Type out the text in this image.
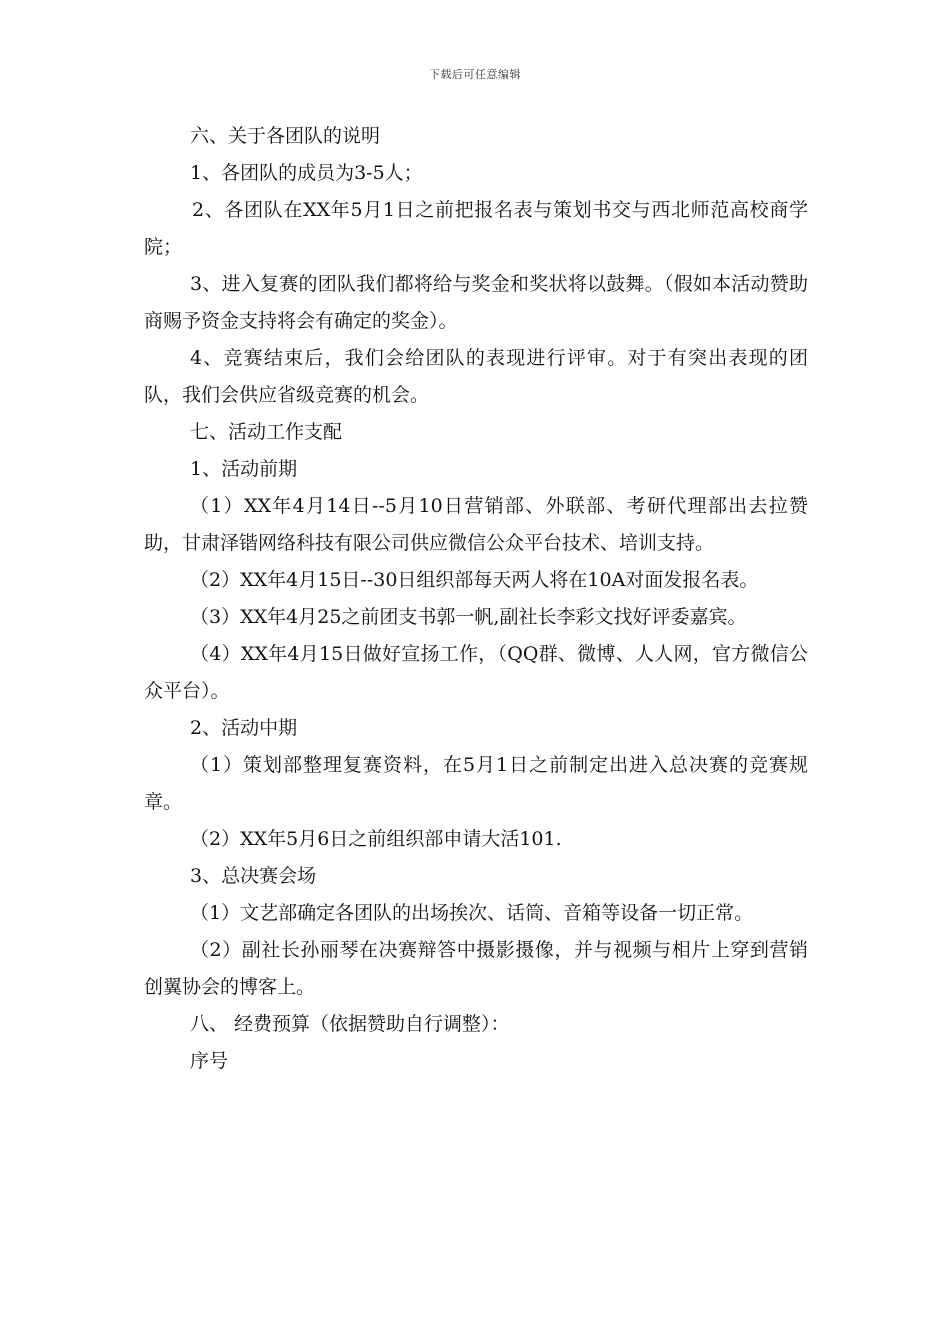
下载后可任意编辑

六、关于各团队的说明

1、各团队的成员为3-5人；

2、各团队在XX年5月1日之前把报名表与策划书交与西北师范高校商学院；

3、进入复赛的团队我们都将给与奖金和奖状将以鼓舞。（假如本活动赞助商赐予资金支持将会有确定的奖金）。

4、竞赛结束后，我们会给团队的表现进行评审。对于有突出表现的团队，我们会供应省级竞赛的机会。

七、活动工作支配

1、活动前期

（1）XX年4月14日--5月10日营销部、外联部、考研代理部出去拉赞助，甘肃泽锴网络科技有限公司供应微信公众平台技术、培训支持。

（2）XX年4月15日--30日组织部每天两人将在10A对面发报名表。

（3）XX年4月25之前团支书郭一帆,副社长李彩文找好评委嘉宾。

（4）XX年4月15日做好宣扬工作，（QQ群、微博、人人网，官方微信公众平台）。

2、活动中期

（1）策划部整理复赛资料，在5月1日之前制定出进入总决赛的竞赛规章。

（2）XX年5月6日之前组织部申请大活101.

3、总决赛会场

（1）文艺部确定各团队的出场挨次、话筒、音箱等设备一切正常。

（2）副社长孙丽琴在决赛辩答中摄影摄像，并与视频与相片上穿到营销创翼协会的博客上。

八、 经费预算（依据赞助自行调整）：

序号
